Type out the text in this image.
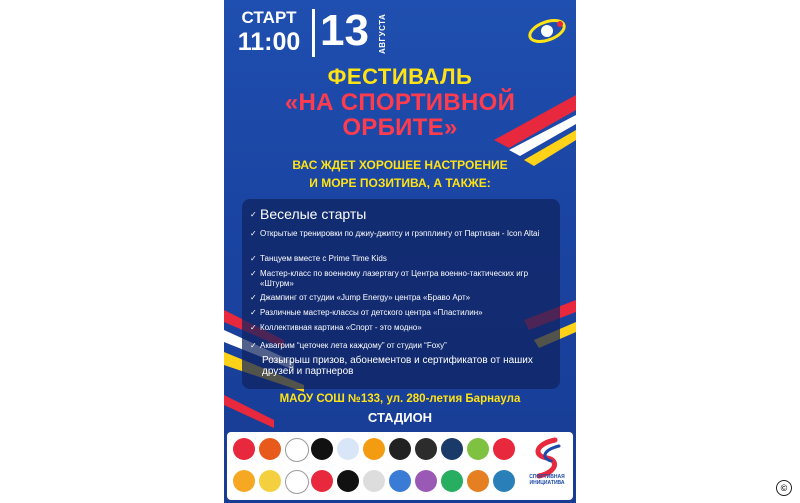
СТАРТ
11:00 13 АВГУСТА
ФЕСТИВАЛЬ
«НА СПОРТИВНОЙ
ОРБИТЕ»
ВАС ЖДЕТ ХОРОШЕЕ НАСТРОЕНИЕ
И МОРЕ ПОЗИТИВА, А ТАКЖЕ:
✓ Веселые старты
✓ Открытые тренировки по джиу-джитсу и грэпплингу от Партизан - Icon Altai
✓ Танцуем вместе с Prime Time Kids
✓ Мастер-класс по военному лазертагу от Центра военно-тактических игр «Штурм»
✓ Джампинг от студии «Jump Energy» центра «Браво Арт»
✓ Различные мастер-классы от детского центра «Пластилин»
✓ Коллективная картина «Спорт - это модно»
✓ Аквагрим “цеточек лета каждому” от студии “Foxy”
Розыгрыш призов, абонементов и сертификатов от наших друзей и партнеров
МАОУ СОШ №133, ул. 280-летия Барнаула
СТАДИОН
СПОРТИВНАЯ
ИНИЦИАТИВА	©
